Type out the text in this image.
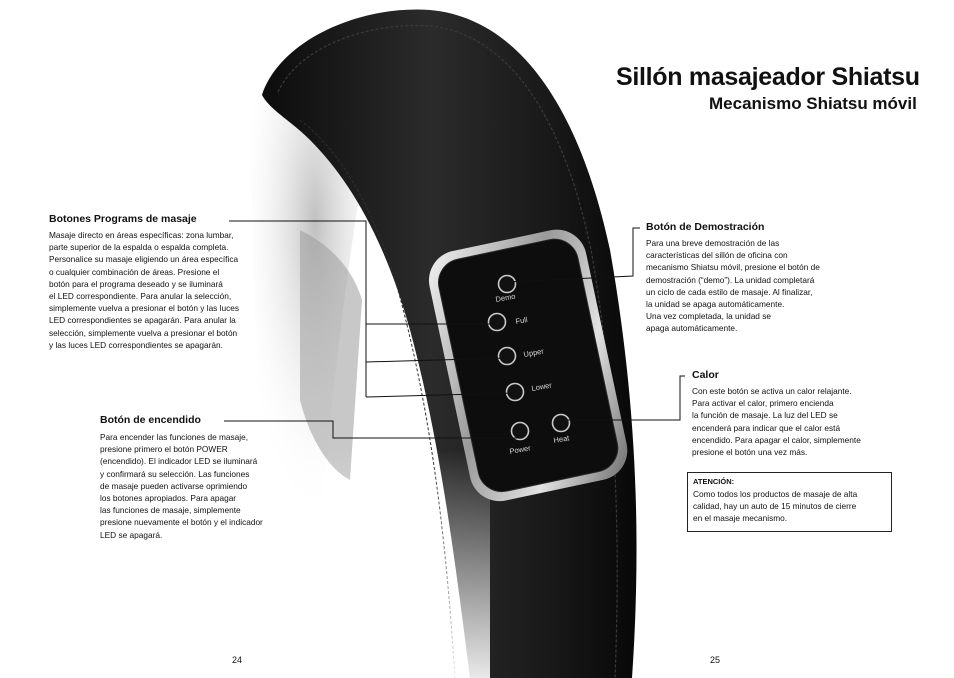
Demo
Full
Upper
Lower
Power
Heat
Sillón masajeador Shiatsu
Mecanismo Shiatsu móvil
Botones Programs de masaje
Masaje directo en áreas específicas: zona lumbar,
parte superior de la espalda o espalda completa.
Personalice su masaje eligiendo un área específica
o cualquier combinación de áreas. Presione el
botón para el programa deseado y se iluminará
el LED correspondiente. Para anular la selección,
simplemente vuelva a presionar el botón y las luces
LED correspondientes se apagarán. Para anular la
selección, simplemente vuelva a presionar el botón
y las luces LED correspondientes se apagarán.
Botón de encendido
Para encender las funciones de masaje,
presione primero el botón POWER
(encendido). El indicador LED se iluminará
y confirmará su selección. Las funciones
de masaje pueden activarse oprimiendo
los botones apropiados. Para apagar
las funciones de masaje, simplemente
presione nuevamente el botón y el indicador
LED se apagará.
Botón de Demostración
Para una breve demostración de las
características del sillón de oficina con
mecanismo Shiatsu móvil, presione el botón de
demostración (“demo”). La unidad completará
un ciclo de cada estilo de masaje. Al finalizar,
la unidad se apaga automáticamente.
Una vez completada, la unidad se
apaga automáticamente.
Calor
Con este botón se activa un calor relajante.
Para activar el calor, primero encienda
la función de masaje. La luz del LED se
encenderá para indicar que el calor está
encendido. Para apagar el calor, simplemente
presione el botón una vez más.
ATENCIÓN:
Como todos los productos de masaje de alta
calidad, hay un auto de 15 minutos de cierre
en el masaje mecanismo.
24	25
